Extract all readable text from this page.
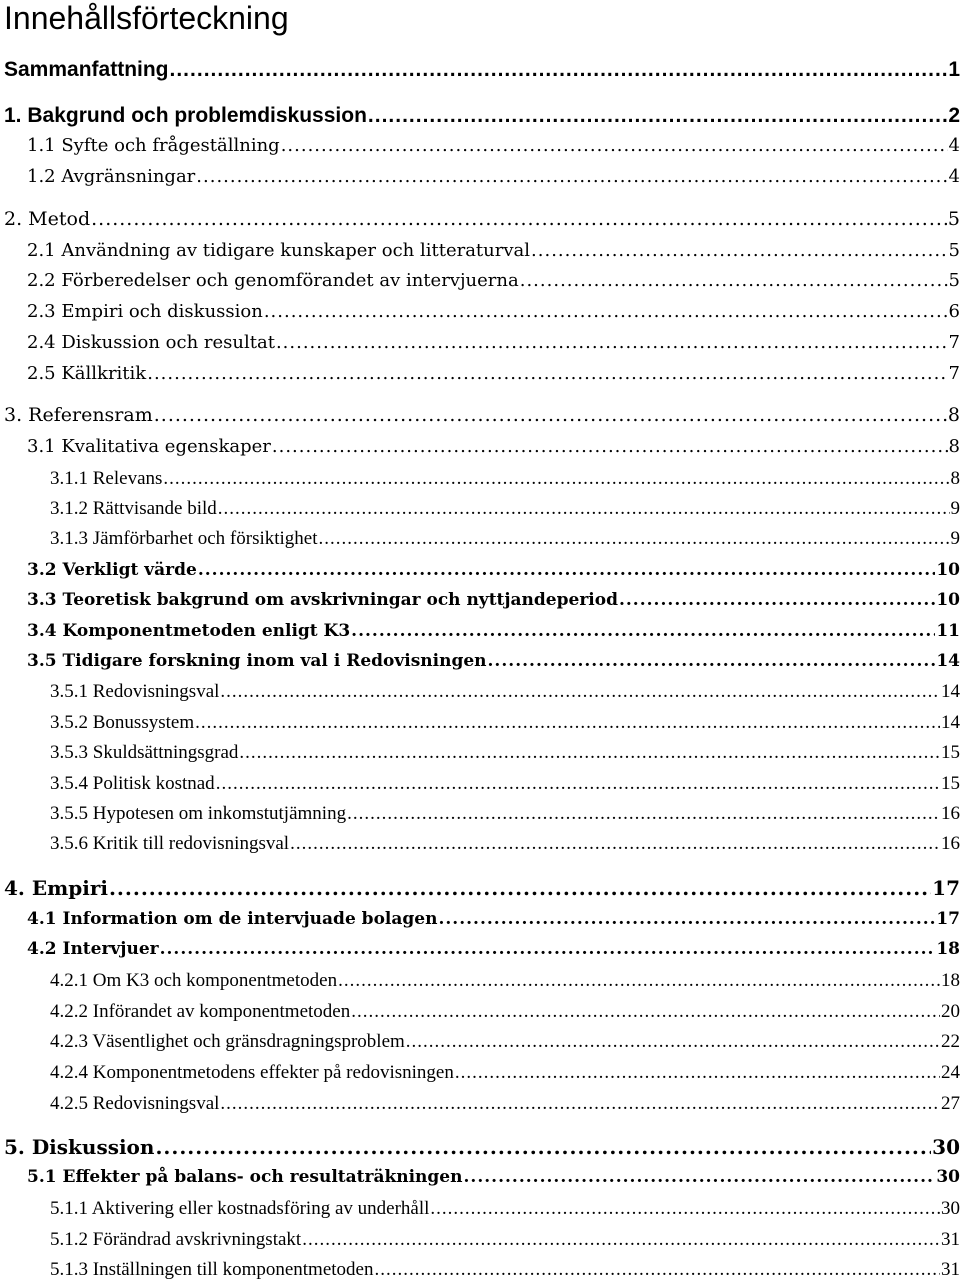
Innehållsförteckning
Sammanfattning .....	1
1. Bakgrund och problemdiskussion .....	2
1.1 Syfte och frågeställning .....	4
1.2 Avgränsningar .....	4
2. Metod .....	5
2.1 Användning av tidigare kunskaper och litteraturval .....	5
2.2 Förberedelser och genomförandet av intervjuerna .....	5
2.3 Empiri och diskussion .....	6
2.4 Diskussion och resultat .....	7
2.5 Källkritik .....	7
3. Referensram .....	8
3.1 Kvalitativa egenskaper .....	8
3.1.1 Relevans .....	8
3.1.2 Rättvisande bild .....	9
3.1.3 Jämförbarhet och försiktighet .....	9
3.2 Verkligt värde .....	10
3.3 Teoretisk bakgrund om avskrivningar och nyttjandeperiod .....	10
3.4 Komponentmetoden enligt K3 .....	11
3.5 Tidigare forskning inom val i Redovisningen .....	14
3.5.1 Redovisningsval .....	14
3.5.2 Bonussystem .....	14
3.5.3 Skuldsättningsgrad .....	15
3.5.4 Politisk kostnad .....	15
3.5.5 Hypotesen om inkomstutjämning .....	16
3.5.6 Kritik till redovisningsval .....	16
4. Empiri .....	17
4.1 Information om de intervjuade bolagen .....	17
4.2 Intervjuer .....	18
4.2.1 Om K3 och komponentmetoden .....	18
4.2.2 Införandet av komponentmetoden .....	20
4.2.3 Väsentlighet och gränsdragningsproblem .....	22
4.2.4 Komponentmetodens effekter på redovisningen .....	24
4.2.5 Redovisningsval .....	27
5. Diskussion .....	30
5.1 Effekter på balans- och resultaträkningen .....	30
5.1.1 Aktivering eller kostnadsföring av underhåll .....	30
5.1.2 Förändrad avskrivningstakt .....	31
5.1.3 Inställningen till komponentmetoden .....	31
